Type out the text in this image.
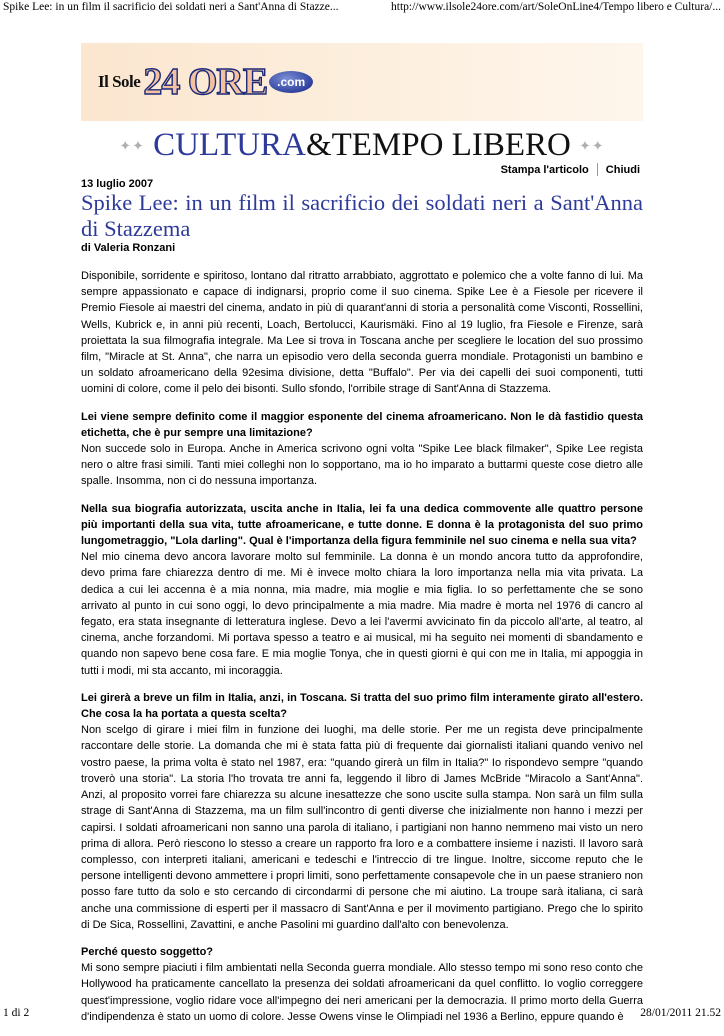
Spike Lee: in un film il sacrificio dei soldati neri a Sant'Anna di Stazze...	http://www.ilsole24ore.com/art/SoleOnLine4/Tempo libero e Cultura/...
Il Sole 24 ORE .com
✦✦ CULTURA&TEMPO LIBERO ✦✦
Stampa l'articolo Chiudi
13 luglio 2007
Spike Lee: in un film il sacrificio dei soldati neri a Sant'Anna di Stazzema
di Valeria Ronzani

Disponibile, sorridente e spiritoso, lontano dal ritratto arrabbiato, aggrottato e polemico che a volte fanno di lui. Ma sempre appassionato e capace di indignarsi, proprio come il suo cinema. Spike Lee è a Fiesole per ricevere il Premio Fiesole ai maestri del cinema, andato in più di quarant'anni di storia a personalità come Visconti, Rossellini, Wells, Kubrick e, in anni più recenti, Loach, Bertolucci, Kaurismäki. Fino al 19 luglio, fra Fiesole e Firenze, sarà proiettata la sua filmografia integrale. Ma Lee si trova in Toscana anche per scegliere le location del suo prossimo film, "Miracle at St. Anna", che narra un episodio vero della seconda guerra mondiale. Protagonisti un bambino e un soldato afroamericano della 92esima divisione, detta "Buffalo". Per via dei capelli dei suoi componenti, tutti uomini di colore, come il pelo dei bisonti. Sullo sfondo, l'orribile strage di Sant'Anna di Stazzema.

Lei viene sempre definito come il maggior esponente del cinema afroamericano. Non le dà fastidio questa etichetta, che è pur sempre una limitazione?
Non succede solo in Europa. Anche in America scrivono ogni volta "Spike Lee black filmaker", Spike Lee regista nero o altre frasi simili. Tanti miei colleghi non lo sopportano, ma io ho imparato a buttarmi queste cose dietro alle spalle. Insomma, non ci do nessuna importanza.

Nella sua biografia autorizzata, uscita anche in Italia, lei fa una dedica commovente alle quattro persone più importanti della sua vita, tutte afroamericane, e tutte donne. E donna è la protagonista del suo primo lungometraggio, "Lola darling". Qual è l'importanza della figura femminile nel suo cinema e nella sua vita?
Nel mio cinema devo ancora lavorare molto sul femminile. La donna è un mondo ancora tutto da approfondire, devo prima fare chiarezza dentro di me. Mi è invece molto chiara la loro importanza nella mia vita privata. La dedica a cui lei accenna è a mia nonna, mia madre, mia moglie e mia figlia. Io so perfettamente che se sono arrivato al punto in cui sono oggi, lo devo principalmente a mia madre. Mia madre è morta nel 1976 di cancro al fegato, era stata insegnante di letteratura inglese. Devo a lei l'avermi avvicinato fin da piccolo all'arte, al teatro, al cinema, anche forzandomi. Mi portava spesso a teatro e ai musical, mi ha seguito nei momenti di sbandamento e quando non sapevo bene cosa fare. E mia moglie Tonya, che in questi giorni è qui con me in Italia, mi appoggia in tutti i modi, mi sta accanto, mi incoraggia.

Lei girerà a breve un film in Italia, anzi, in Toscana. Si tratta del suo primo film interamente girato all'estero. Che cosa la ha portata a questa scelta?
Non scelgo di girare i miei film in funzione dei luoghi, ma delle storie. Per me un regista deve principalmente raccontare delle storie. La domanda che mi è stata fatta più di frequente dai giornalisti italiani quando venivo nel vostro paese, la prima volta è stato nel 1987, era: "quando girerà un film in Italia?" Io rispondevo sempre "quando troverò una storia". La storia l'ho trovata tre anni fa, leggendo il libro di James McBride "Miracolo a Sant'Anna". Anzi, al proposito vorrei fare chiarezza su alcune inesattezze che sono uscite sulla stampa. Non sarà un film sulla strage di Sant'Anna di Stazzema, ma un film sull'incontro di genti diverse che inizialmente non hanno i mezzi per capirsi. I soldati afroamericani non sanno una parola di italiano, i partigiani non hanno nemmeno mai visto un nero prima di allora. Però riescono lo stesso a creare un rapporto fra loro e a combattere insieme i nazisti. Il lavoro sarà complesso, con interpreti italiani, americani e tedeschi e l'intreccio di tre lingue. Inoltre, siccome reputo che le persone intelligenti devono ammettere i propri limiti, sono perfettamente consapevole che in un paese straniero non posso fare tutto da solo e sto cercando di circondarmi di persone che mi aiutino. La troupe sarà italiana, ci sarà anche una commissione di esperti per il massacro di Sant'Anna e per il movimento partigiano. Prego che lo spirito di De Sica, Rossellini, Zavattini, e anche Pasolini mi guardino dall'alto con benevolenza.

Perché questo soggetto?
Mi sono sempre piaciuti i film ambientati nella Seconda guerra mondiale. Allo stesso tempo mi sono reso conto che Hollywood ha praticamente cancellato la presenza dei soldati afroamericani da quel conflitto. Io voglio correggere quest'impressione, voglio ridare voce all'impegno dei neri americani per la democrazia. Il primo morto della Guerra d'indipendenza è stato un uomo di colore. Jesse Owens vinse le Olimpiadi nel 1936 a Berlino, eppure quando è

1 di 2	28/01/2011 21.52
